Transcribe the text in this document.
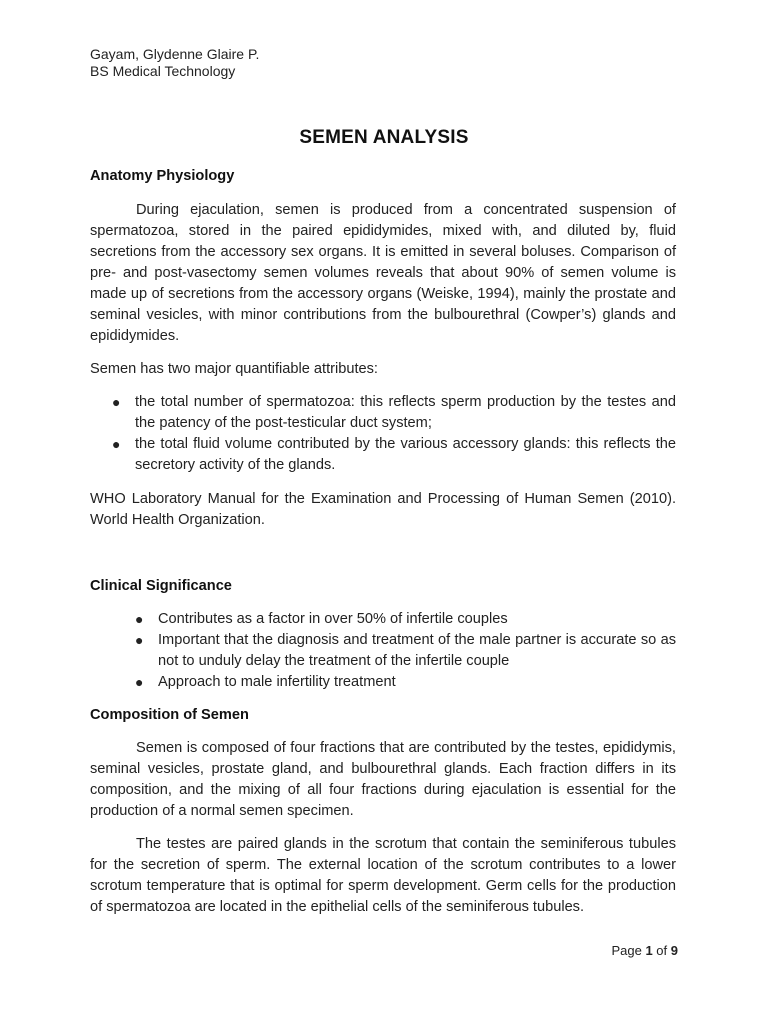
Gayam, Glydenne Glaire P.
BS Medical Technology
SEMEN ANALYSIS

Anatomy Physiology

During ejaculation, semen is produced from a concentrated suspension of spermatozoa, stored in the paired epididymides, mixed with, and diluted by, fluid secretions from the accessory sex organs. It is emitted in several boluses. Comparison of pre- and post-vasectomy semen volumes reveals that about 90% of semen volume is made up of secretions from the accessory organs (Weiske, 1994), mainly the prostate and seminal vesicles, with minor contributions from the bulbourethral (Cowper’s) glands and epididymides.

Semen has two major quantifiable attributes:

● the total number of spermatozoa: this reflects sperm production by the testes and the patency of the post-testicular duct system;
● the total fluid volume contributed by the various accessory glands: this reflects the secretory activity of the glands.

WHO Laboratory Manual for the Examination and Processing of Human Semen (2010). World Health Organization.

Clinical Significance

● Contributes as a factor in over 50% of infertile couples
● Important that the diagnosis and treatment of the male partner is accurate so as not to unduly delay the treatment of the infertile couple
● Approach to male infertility treatment

Composition of Semen

Semen is composed of four fractions that are contributed by the testes, epididymis, seminal vesicles, prostate gland, and bulbourethral glands. Each fraction differs in its composition, and the mixing of all four fractions during ejaculation is essential for the production of a normal semen specimen.

The testes are paired glands in the scrotum that contain the seminiferous tubules for the secretion of sperm. The external location of the scrotum contributes to a lower scrotum temperature that is optimal for sperm development. Germ cells for the production of spermatozoa are located in the epithelial cells of the seminiferous tubules.

Page 1 of 9
